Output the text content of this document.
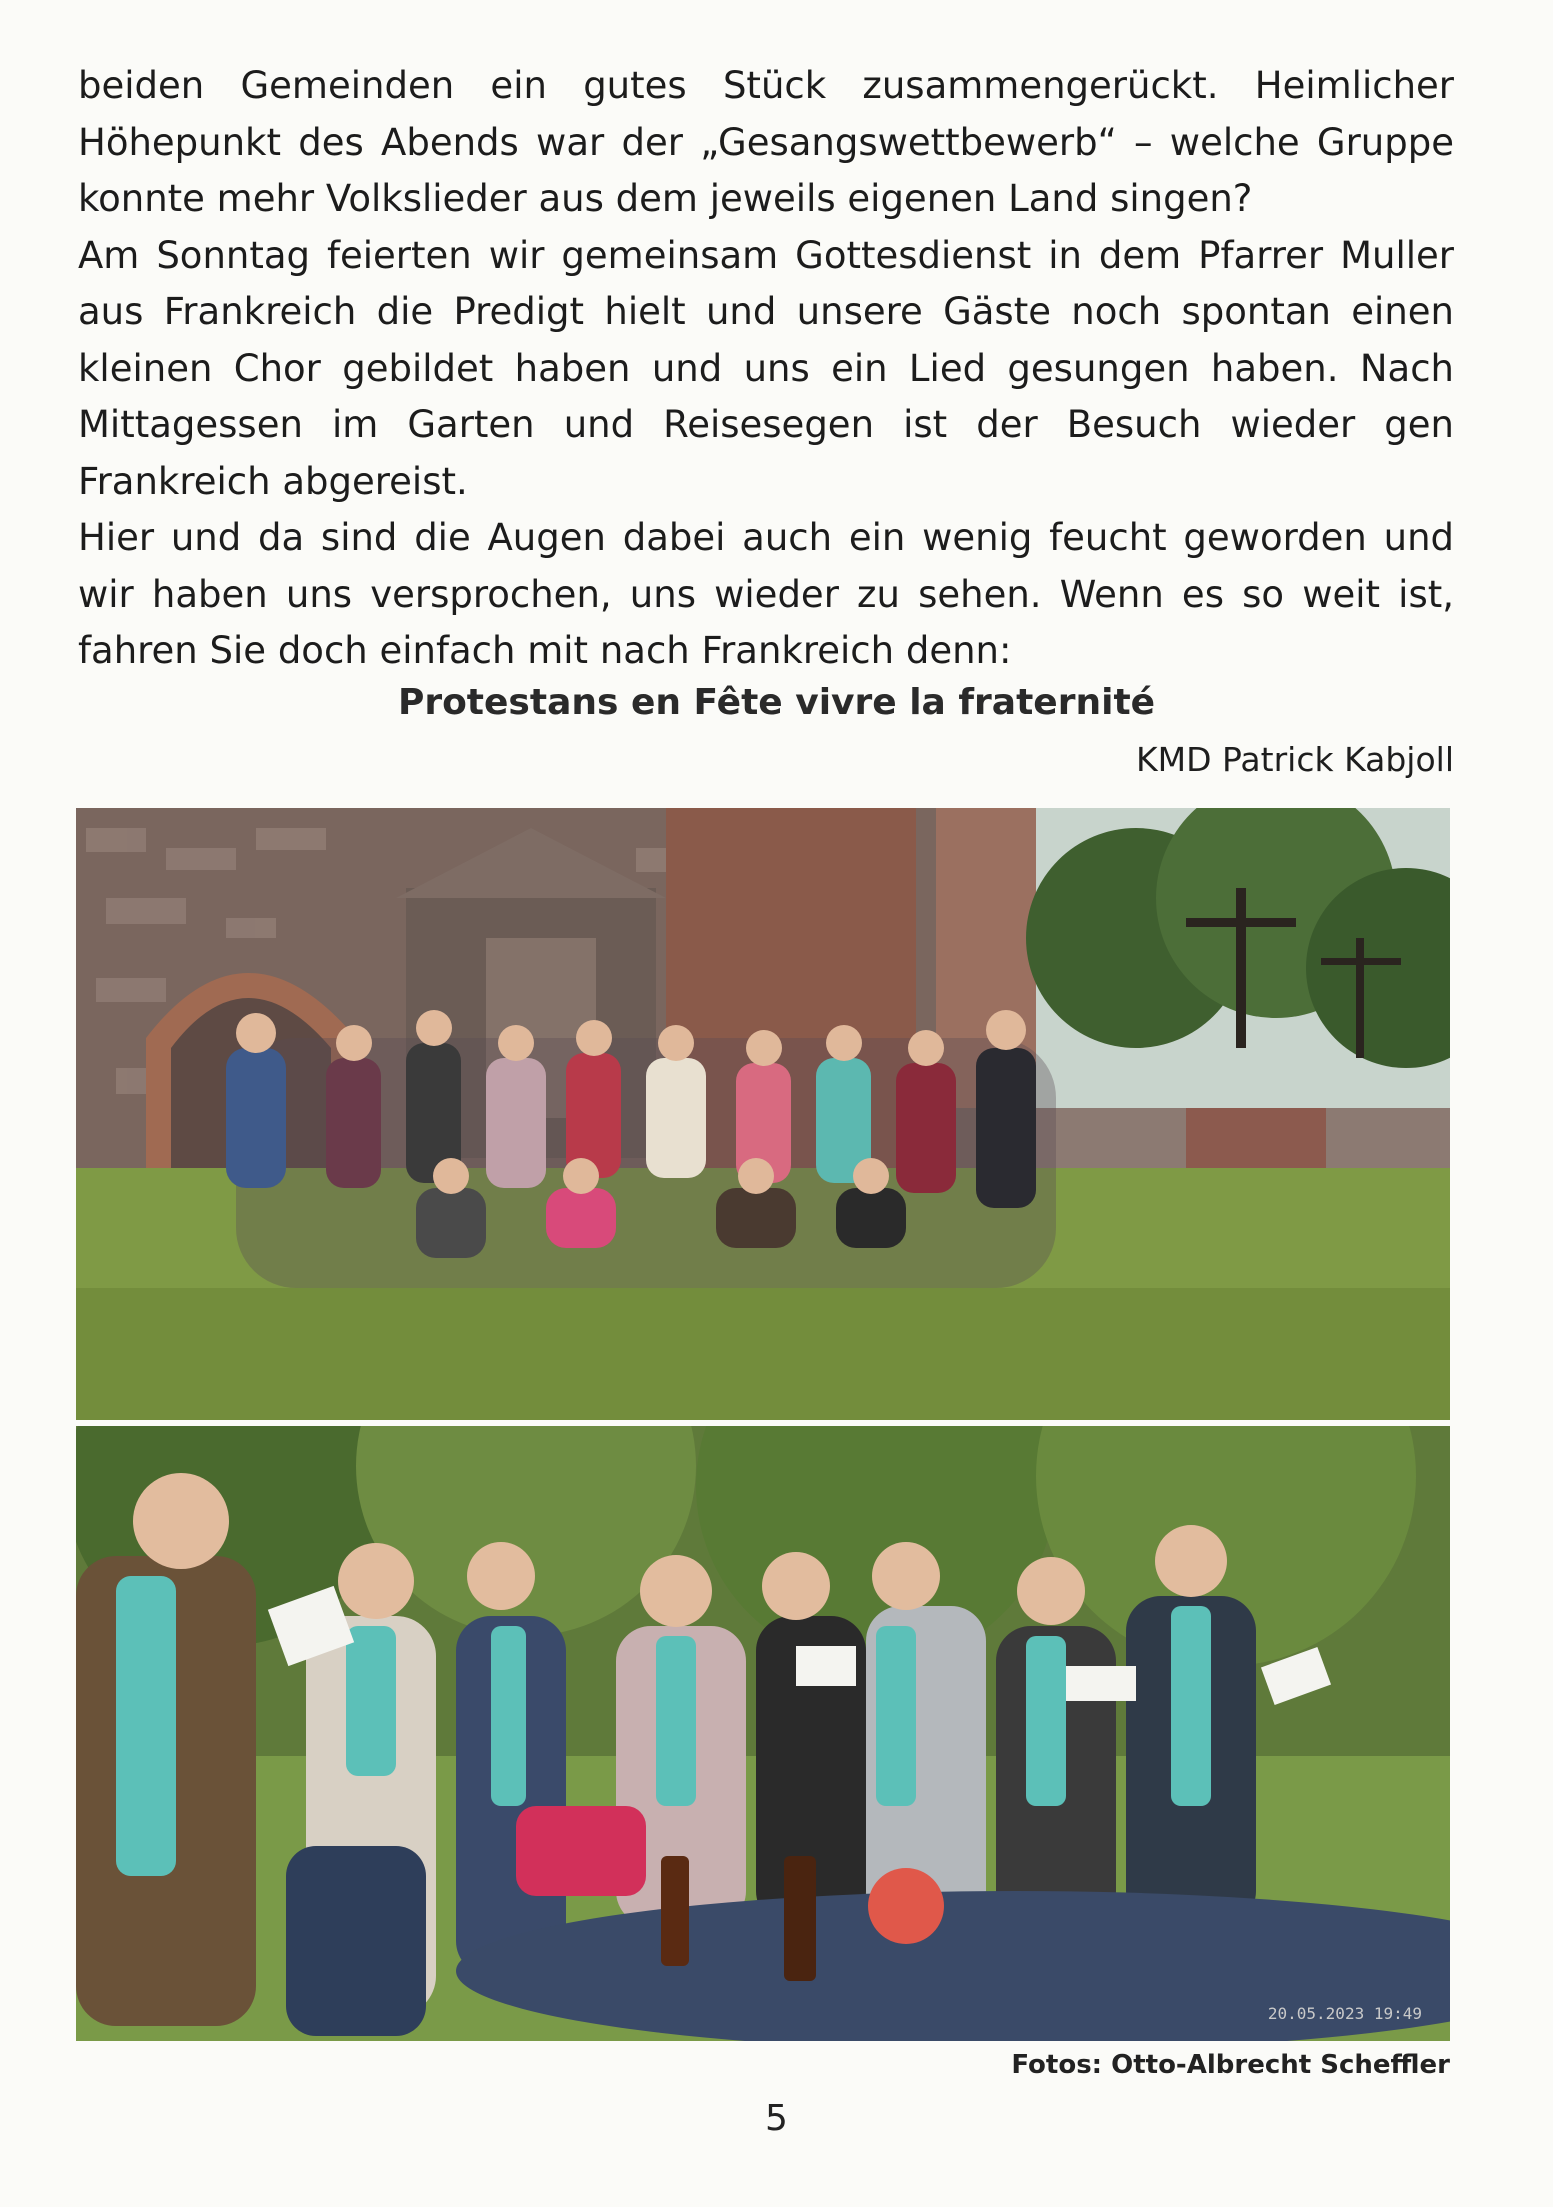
beiden Gemeinden ein gutes Stück zusammengerückt. Heimlicher Höhepunkt des Abends war der „Gesangswettbewerb“ – welche Gruppe konnte mehr Volkslieder aus dem jeweils eigenen Land singen?

Am Sonntag feierten wir gemeinsam Gottesdienst in dem Pfarrer Muller aus Frankreich die Predigt hielt und unsere Gäste noch spontan einen kleinen Chor gebildet haben und uns ein Lied gesungen haben. Nach Mittagessen im Garten und Reisesegen ist der Besuch wieder gen Frankreich abgereist.

Hier und da sind die Augen dabei auch ein wenig feucht geworden und wir haben uns versprochen, uns wieder zu sehen. Wenn es so weit ist, fahren Sie doch einfach mit nach Frankreich denn:

Protestans en Fête vivre la fraternité
KMD Patrick Kabjoll
20.05.2023 19:49
Fotos: Otto-Albrecht Scheffler
5
